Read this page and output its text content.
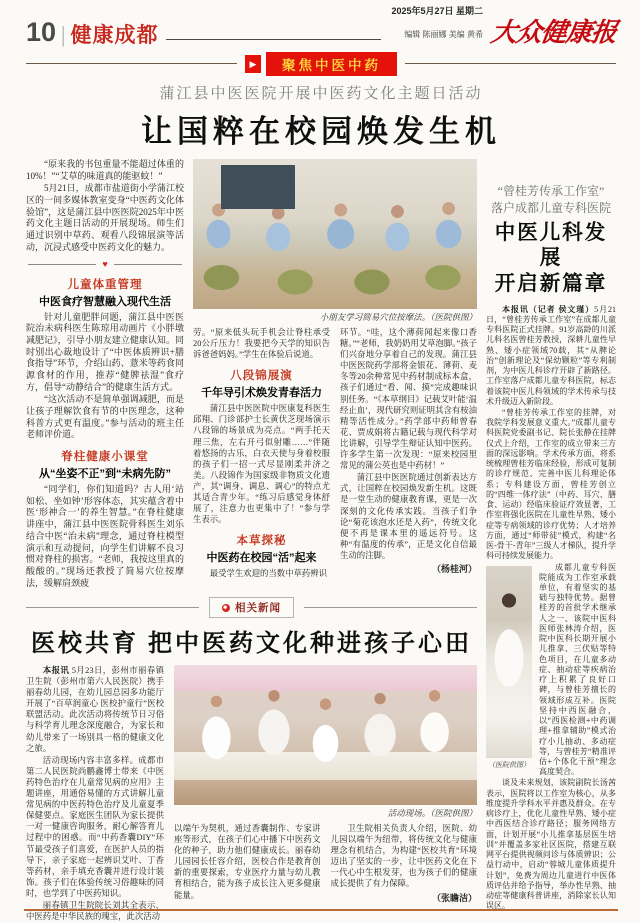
10 | 健康成都
2025年5月27日 星期二
编辑 陈丽娜 美编 黄希 大众健康报
▶	聚焦中医中药
蒲江县中医医院开展中医药文化主题日活动
让国粹在校园焕发生机

“原来我的书包重量不能超过体重的10%！”“艾草的味道真的能驱蚊！”

5月21日，成都市盐道街小学蒲江校区的一间多媒体教室变身“中医药文化体验馆”，这是蒲江县中医医院2025年中医药文化主题日活动的开展现场。师生们通过识别中草药、观看八段锦展演等活动，沉浸式感受中医药文化的魅力。

♥
儿童体重管理
中医食疗智慧融入现代生活

针对儿童肥胖问题，蒲江县中医医院治未病科医生陈琼用动画片《小胖墩减肥记》，引导小朋友建立健康认知。同时别出心裁地设计了“中医体质辨识+膳食指导”环节，介绍山药、薏米等药食同源食材的作用，推荐“健脾祛湿”食疗方，倡导“动静结合”的健康生活方式。

“这次活动不是简单强调减肥，而是让孩子理解饮食有节的中医理念，这种科普方式更有温度。”参与活动的班主任老师评价道。

脊柱健康小课堂
从“坐姿不正”到“未病先防”

“同学们，你们知道吗？古人用‘站如松、坐如钟’形容体态，其实蕴含着中医‘形神合一’的养生智慧。”在脊柱健康讲座中，蒲江县中医医院骨科医生刘乐结合中医“治未病”理念，通过脊柱模型演示和互动提问，向学生们讲解不良习惯对脊柱的损害。“老师，我按这里真的酸酸的。”现场还教授了简易穴位按摩法，缓解肩颈疲

小朋友学习简易穴位按摩法。（医院供图）

劳。“原来低头玩手机会让脊柱承受20公斤压力！我要把今天学的知识告诉爸爸妈妈。”学生在体验后说道。

八段锦展演
千年导引术焕发青春活力

蒲江县中医医院中医康复科医生邱翔、门诊部护士长黄伏芝现场演示八段锦的场景成为亮点。“两手托天理三焦，左右开弓似射雕……”伴随着悠扬的古乐，白衣天使与身着校服的孩子们一招一式尽显刚柔并济之美。八段锦作为国家级非物质文化遗产，其“调身、调息、调心”的特点尤其适合青少年。“练习后感觉身体舒展了，注意力也更集中了！”参与学生表示。

本草探秘
中医药在校园“活”起来

最受学生欢迎的当数中草药辨识

环节。“哇，这个薄荷闻起来像口香糖。”“老师，我奶奶用艾草泡脚。”孩子们兴奋地分享着自己的发现。蒲江县中医医院药学部将金银花、薄荷、麦冬等20余种常见中药材制成标本盒，孩子们通过“看、闻、摸”完成趣味识别任务。“《本草纲目》记载艾叶能‘温经止血’，现代研究则证明其含有桉油精等活性成分。”药学部中药师曾春花、贾成娟将古籍记载与现代科学对比讲解，引导学生辩证认知中医药。许多学生第一次发现：“原来校园里常见的蒲公英也是中药材！”

蒲江县中医医院通过创新表达方式，让国粹在校园焕发新生机。这既是一堂生动的健康教育课，更是一次深刻的文化传承实践。当孩子们争论“菊花该泡水还是入药”，传统文化便不再是课本里的遥远符号。这种“有温度的传承”，正是文化自信最生动的注脚。

（杨桂河）
相关新闻
医校共育 把中医药文化种进孩子心田

本报讯 5月23日，彭州市丽春镇卫生院（彭州市第六人民医院）携手丽春幼儿园，在幼儿园总园多功能厅开展了“百草润童心 医校护童行”医校联盟活动。此次活动将传统节日习俗与科学育儿理念深度融合，为家长和幼儿带来了一场别具一格的健康文化之旅。

活动现场内容丰富多样。成都市第二人民医院尚鹏鑫博士带来《中医药特色治疗在儿童常见病的应用》主题讲座，用通俗易懂的方式讲解儿童常见病的中医药特色治疗及儿童夏季保健要点。家庭医生团队为家长提供一对一健康咨询服务，耐心解答育儿过程中的困惑。而“中药香囊DIY”环节最受孩子们喜爱，在医护人员的指导下，亲子家庭一起辨识艾叶、丁香等药材，亲手填充香囊并进行设计装饰。孩子们在体验传统习俗趣味的同时，也学到了中医药知识。

丽春镇卫生院院长刘其全表示，中医药是中华民族的瑰宝，此次活动

活动现场。（医院供图）

以端午为契机，通过香囊制作、专家讲座等形式，在孩子们心中播下中医药文化的种子，助力他们健康成长。丽春幼儿园园长任容介绍，医校合作是教育创新的重要探索，专业医疗力量与幼儿教育相结合，能为孩子成长注入更多健康能量。

卫生院相关负责人介绍，医院、幼儿园以端午为纽带，将传统文化与健康理念有机结合，为构建“医校共育”环境迈出了坚实的一步，让中医药文化在下一代心中生根发芽，也为孩子们的健康成长提供了有力保障。

（张瞻洁）
“曾桂芳传承工作室”
落户成都儿童专科医院
中医儿科发展
开启新篇章

本报讯（记者 侯文瑾）5月21日，“曾桂芳传承工作室”在成都儿童专科医院正式挂牌。91岁高龄的川派儿科名医曾桂芳教授，深耕儿童性早熟、矮小症领域70载，其“从脾论治”创新理论及“保幼颗粒”等专利制剂，为中医儿科诊疗开辟了新路径。工作室落户成都儿童专科医院，标志着该院中医儿科领域的学术传承与技术升级迈入新阶段。

“曾桂芳传承工作室的挂牌，对我院学科发展意义重大。”成都儿童专科医院党委副书记、院长张静在挂牌仪式上介绍，工作室的成立带来三方面的深远影响。学术传承方面，将系统梳理曾桂芳临床经验，形成可复制的诊疗规范、完善中医儿科理论体系；专科建设方面，曾桂芳创立的“四维一体疗法”（中药、耳穴、膳食、运动）经临床验证疗效显著，工作室将强化医院在儿童性早熟、矮小症等专病领域的诊疗优势；人才培养方面，通过“师带徒”模式，构建“名医-骨干-青年”三级人才梯队，提升学科可持续发展能力。

（医院供图）

成都儿童专科医院能成为工作室承载单位，有着坚实的基础与独特优势。据曾桂芳的首批学术继承人之一、该院中医科医师张林涛介绍，医院中医科长期开展小儿推拿、三伏贴等特色项目，在儿童多动症、抽动症等疾病治疗上积累了良好口碑，与曾桂芳擅长的领域形成互补。医院坚持中西医融合，以“西医检测+中药调理+推拿辅助”模式治疗小儿抽动、多动症等，与曾桂芳“精准评估+个体化干预”理念高度契合。

谈及未来规划，该院副院长汤茜表示，医院将以工作室为核心，从多维度提升学科水平并惠及群众。在专病诊疗上，优化儿童性早熟、矮小症中西医结合诊疗路径；服务网络方面，计划开展“小儿推拿基层医生培训”并覆盖多家社区医院，搭建互联网平台提供视频问诊与体质辨识；公益行动中，启动“蓉城儿童体质提升计划”，免费为周边儿童进行中医体质评估并给予指导，举办性早熟、抽动症等健康科普讲座，消除家长认知误区。
